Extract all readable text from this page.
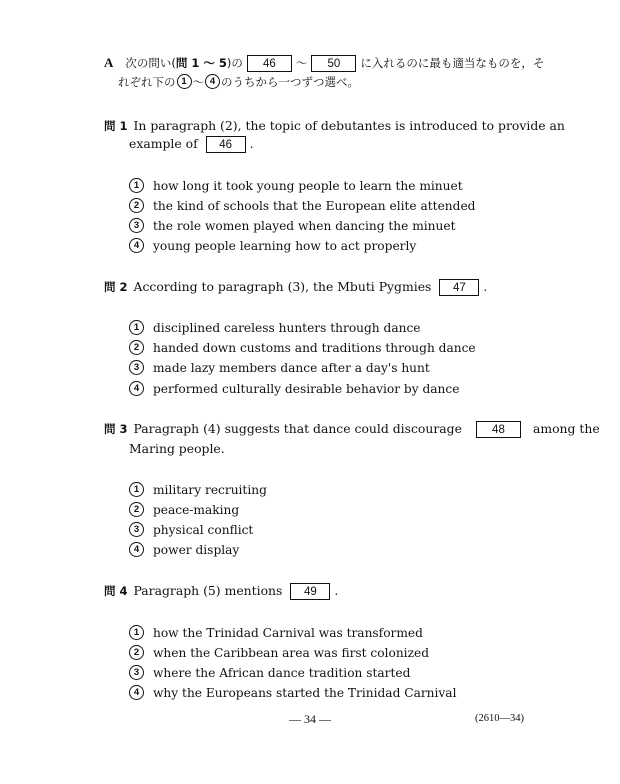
A 次の問い(問 1 ～ 5)の 46 ～ 50 に入れるのに最も適当なものを，そ
れぞれ下の 1 ～ 4 のうちから一つずつ選べ。
問 1 In paragraph (2), the topic of debutantes is introduced to provide an
example of 46 .
1 how long it took young people to learn the minuet
2 the kind of schools that the European elite attended
3 the role women played when dancing the minuet
4 young people learning how to act properly
問 2 According to paragraph (3), the Mbuti Pygmies 47 .
1 disciplined careless hunters through dance
2 handed down customs and traditions through dance
3 made lazy members dance after a day's hunt
4 performed culturally desirable behavior by dance
問 3 Paragraph (4) suggests that dance could discourage	48 among the
Maring people.
1 military recruiting
2 peace-making
3 physical conflict
4 power display
問 4 Paragraph (5) mentions 49 .
1 how the Trinidad Carnival was transformed
2 when the Caribbean area was first colonized
3 where the African dance tradition started
4 why the Europeans started the Trinidad Carnival
— 34 —	(2610—34)
